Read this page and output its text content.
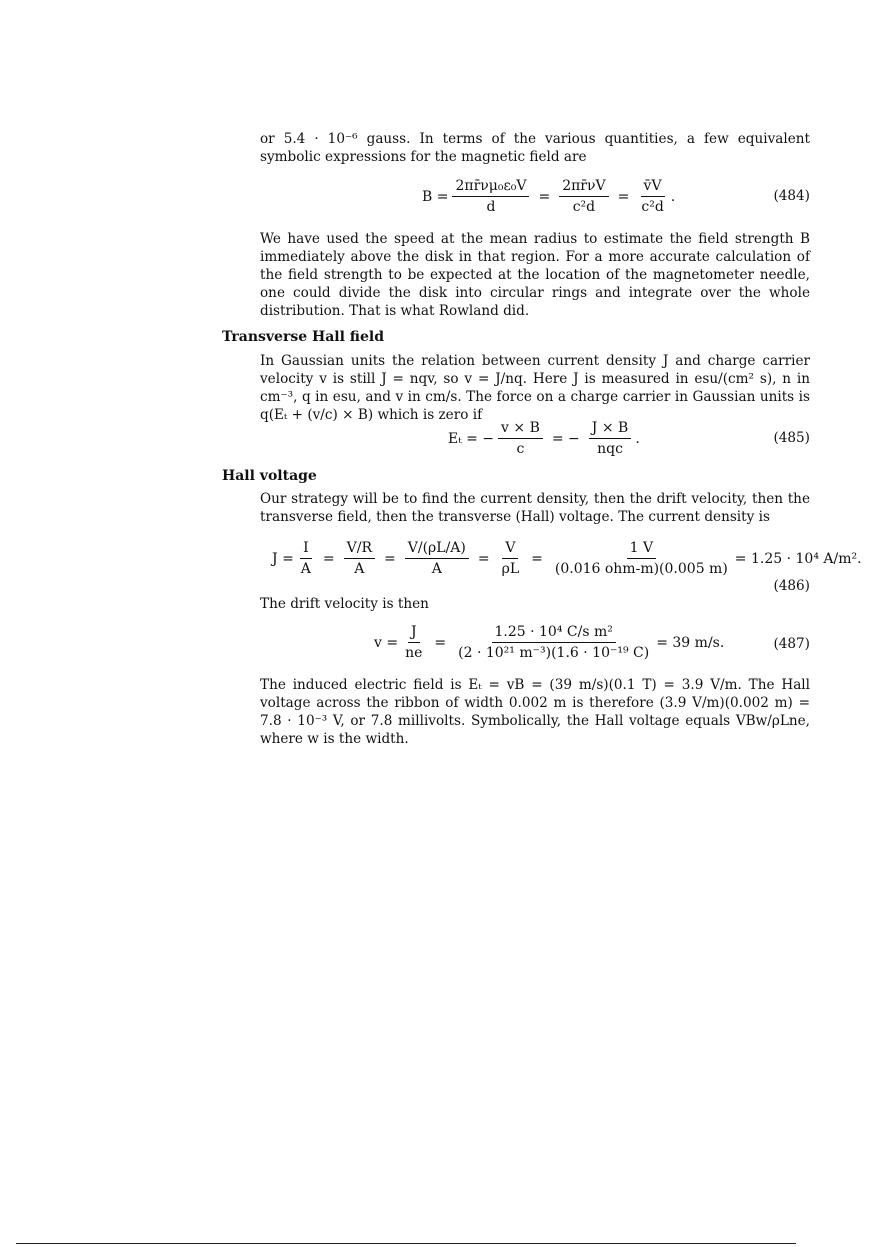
or 5.4 · 10⁻⁶ gauss. In terms of the various quantities, a few equivalent symbolic expressions for the magnetic field are

$B = \frac{\text{2πr̄νμ₀ε₀V}}{d} = \frac{2\pi r̄\nu V}{\text{c²d}} = \frac{v̄V}{\text{c²d}}$ .	(484)

We have used the speed at the mean radius to estimate the field strength B immediately above the disk in that region. For a more accurate calculation of the field strength to be expected at the location of the magnetometer needle, one could divide the disk into circular rings and integrate over the whole distribution. That is what Rowland did.

Transverse Hall field

In Gaussian units the relation between current density J and charge carrier velocity v is still J = nqv, so v = J/nq. Here J is measured in esu/(cm² s), n in cm⁻³, q in esu, and v in cm/s. The force on a charge carrier in Gaussian units is q(Eₜ + (v/c) × B) which is zero if

Eₜ = − $\frac{v \times B}{c}$ = − $\frac{J \times B}{\text{nqc}}$ .	(485)

Hall voltage

Our strategy will be to find the current density, then the drift velocity, then the transverse field, then the transverse (Hall) voltage. The current density is

$J = \frac{I}{A} = \frac{V/R}{A} = \frac{V/(\rho L/A)}{A} = \frac{V}{\rho L} = \frac{1 V}{\text{(0.016 ohm-m)(0.005 m)}} = 1.25 \cdot 10^4$ A/m².
(486)

The drift velocity is then

$v = \frac{J}{ne} = \frac{\text{1.25 · 10⁴ C/s m²}}{\text{(2 · 10²¹ m⁻³)(1.6 · 10⁻¹⁹ C)}} = 39$ m/s.	(487)

The induced electric field is Eₜ = vB = (39 m/s)(0.1 T) = 3.9 V/m. The Hall voltage across the ribbon of width 0.002 m is therefore (3.9 V/m)(0.002 m) = 7.8 · 10⁻³ V, or 7.8 millivolts. Symbolically, the Hall voltage equals VBw/ρLne, where w is the width.
